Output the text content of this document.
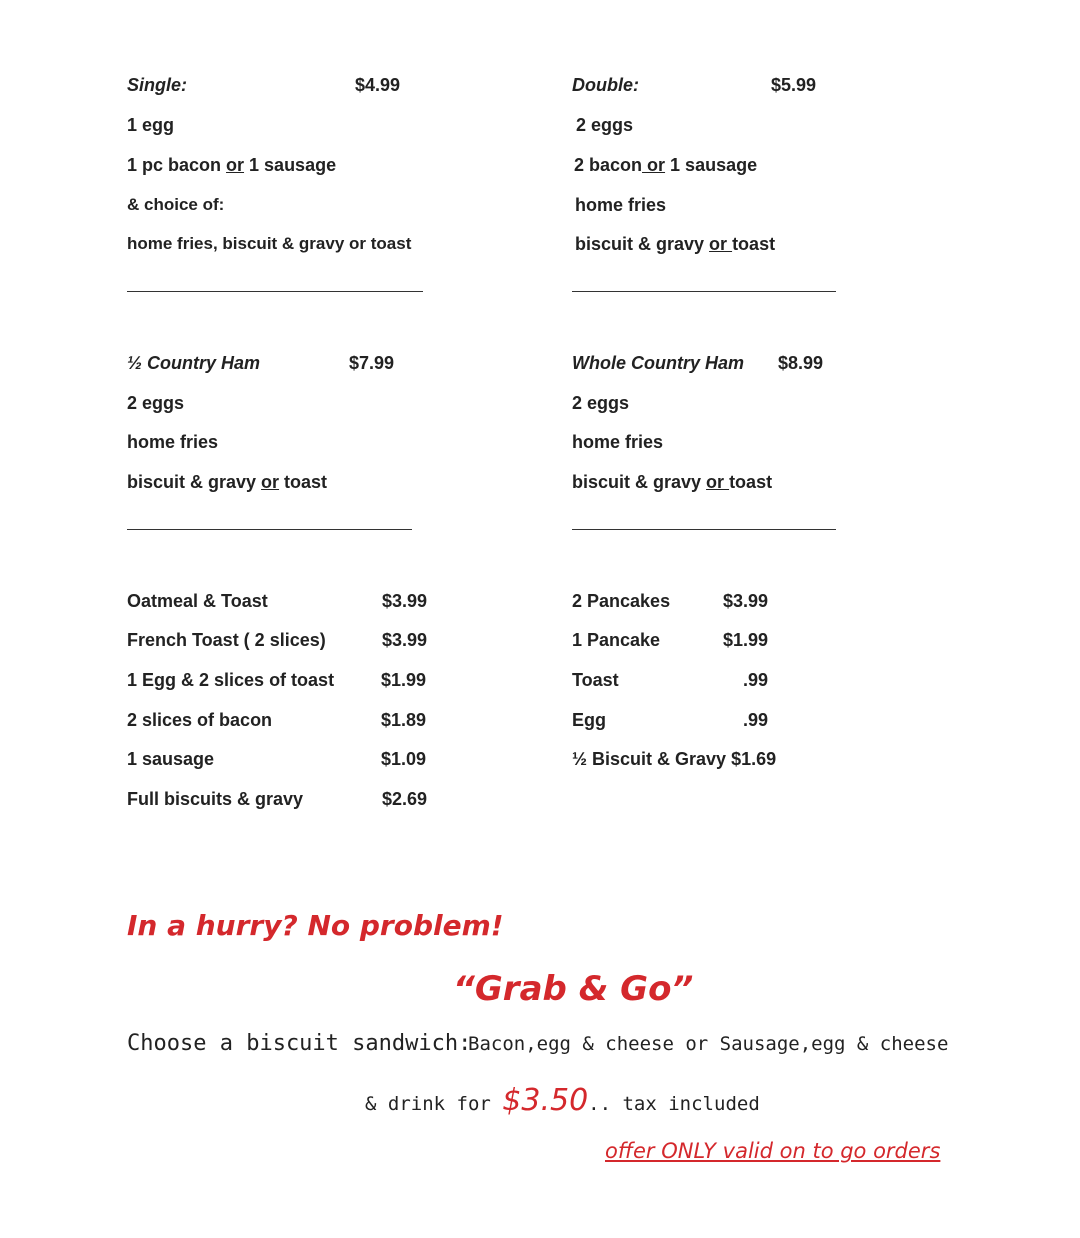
Single:	$4.99
1 egg
1 pc bacon or 1 sausage
& choice of:
home fries, biscuit & gravy or toast
Double:	$5.99
2 eggs
2 bacon or 1 sausage
home fries
biscuit & gravy or toast
½ Country Ham	$7.99
2 eggs
home fries
biscuit & gravy or toast
Whole Country Ham $8.99
2 eggs
home fries
biscuit & gravy or toast
Oatmeal & Toast	$3.99
French Toast ( 2 slices)	$3.99
1 Egg & 2 slices of toast	$1.99
2 slices of bacon	$1.89
1 sausage	$1.09
Full biscuits & gravy	$2.69
2 Pancakes	$3.99
1 Pancake	$1.99
Toast	.99
Egg	.99
½ Biscuit & Gravy $1.69
In a hurry? No problem!
“Grab & Go”
Choose a biscuit sandwich:
Bacon,egg & cheese or Sausage,egg & cheese
& drink for $3.50.. tax included
offer ONLY valid on to go orders
